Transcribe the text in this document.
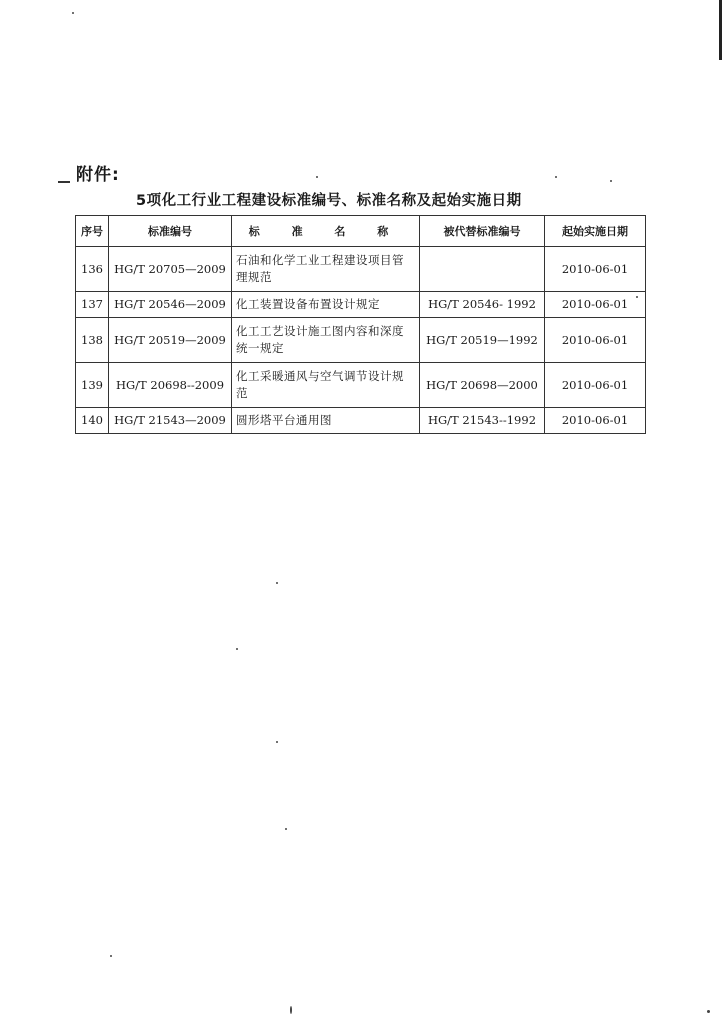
附件:
5项化工行业工程建设标准编号、标准名称及起始实施日期
序号	标准编号	标 准 名 称	被代替标准编号	起始实施日期
136	HG/T 20705—2009	石油和化学工业工程建设项目管理规范		2010-06-01
137	HG/T 20546—2009	化工装置设备布置设计规定	HG/T 20546- 1992	2010-06-01
138	HG/T 20519—2009	化工工艺设计施工图内容和深度统一规定	HG/T 20519—1992	2010-06-01
139	HG/T 20698--2009	化工采暖通风与空气调节设计规范	HG/T 20698—2000	2010-06-01
140	HG/T 21543—2009	圆形塔平台通用图	HG/T 21543--1992	2010-06-01
